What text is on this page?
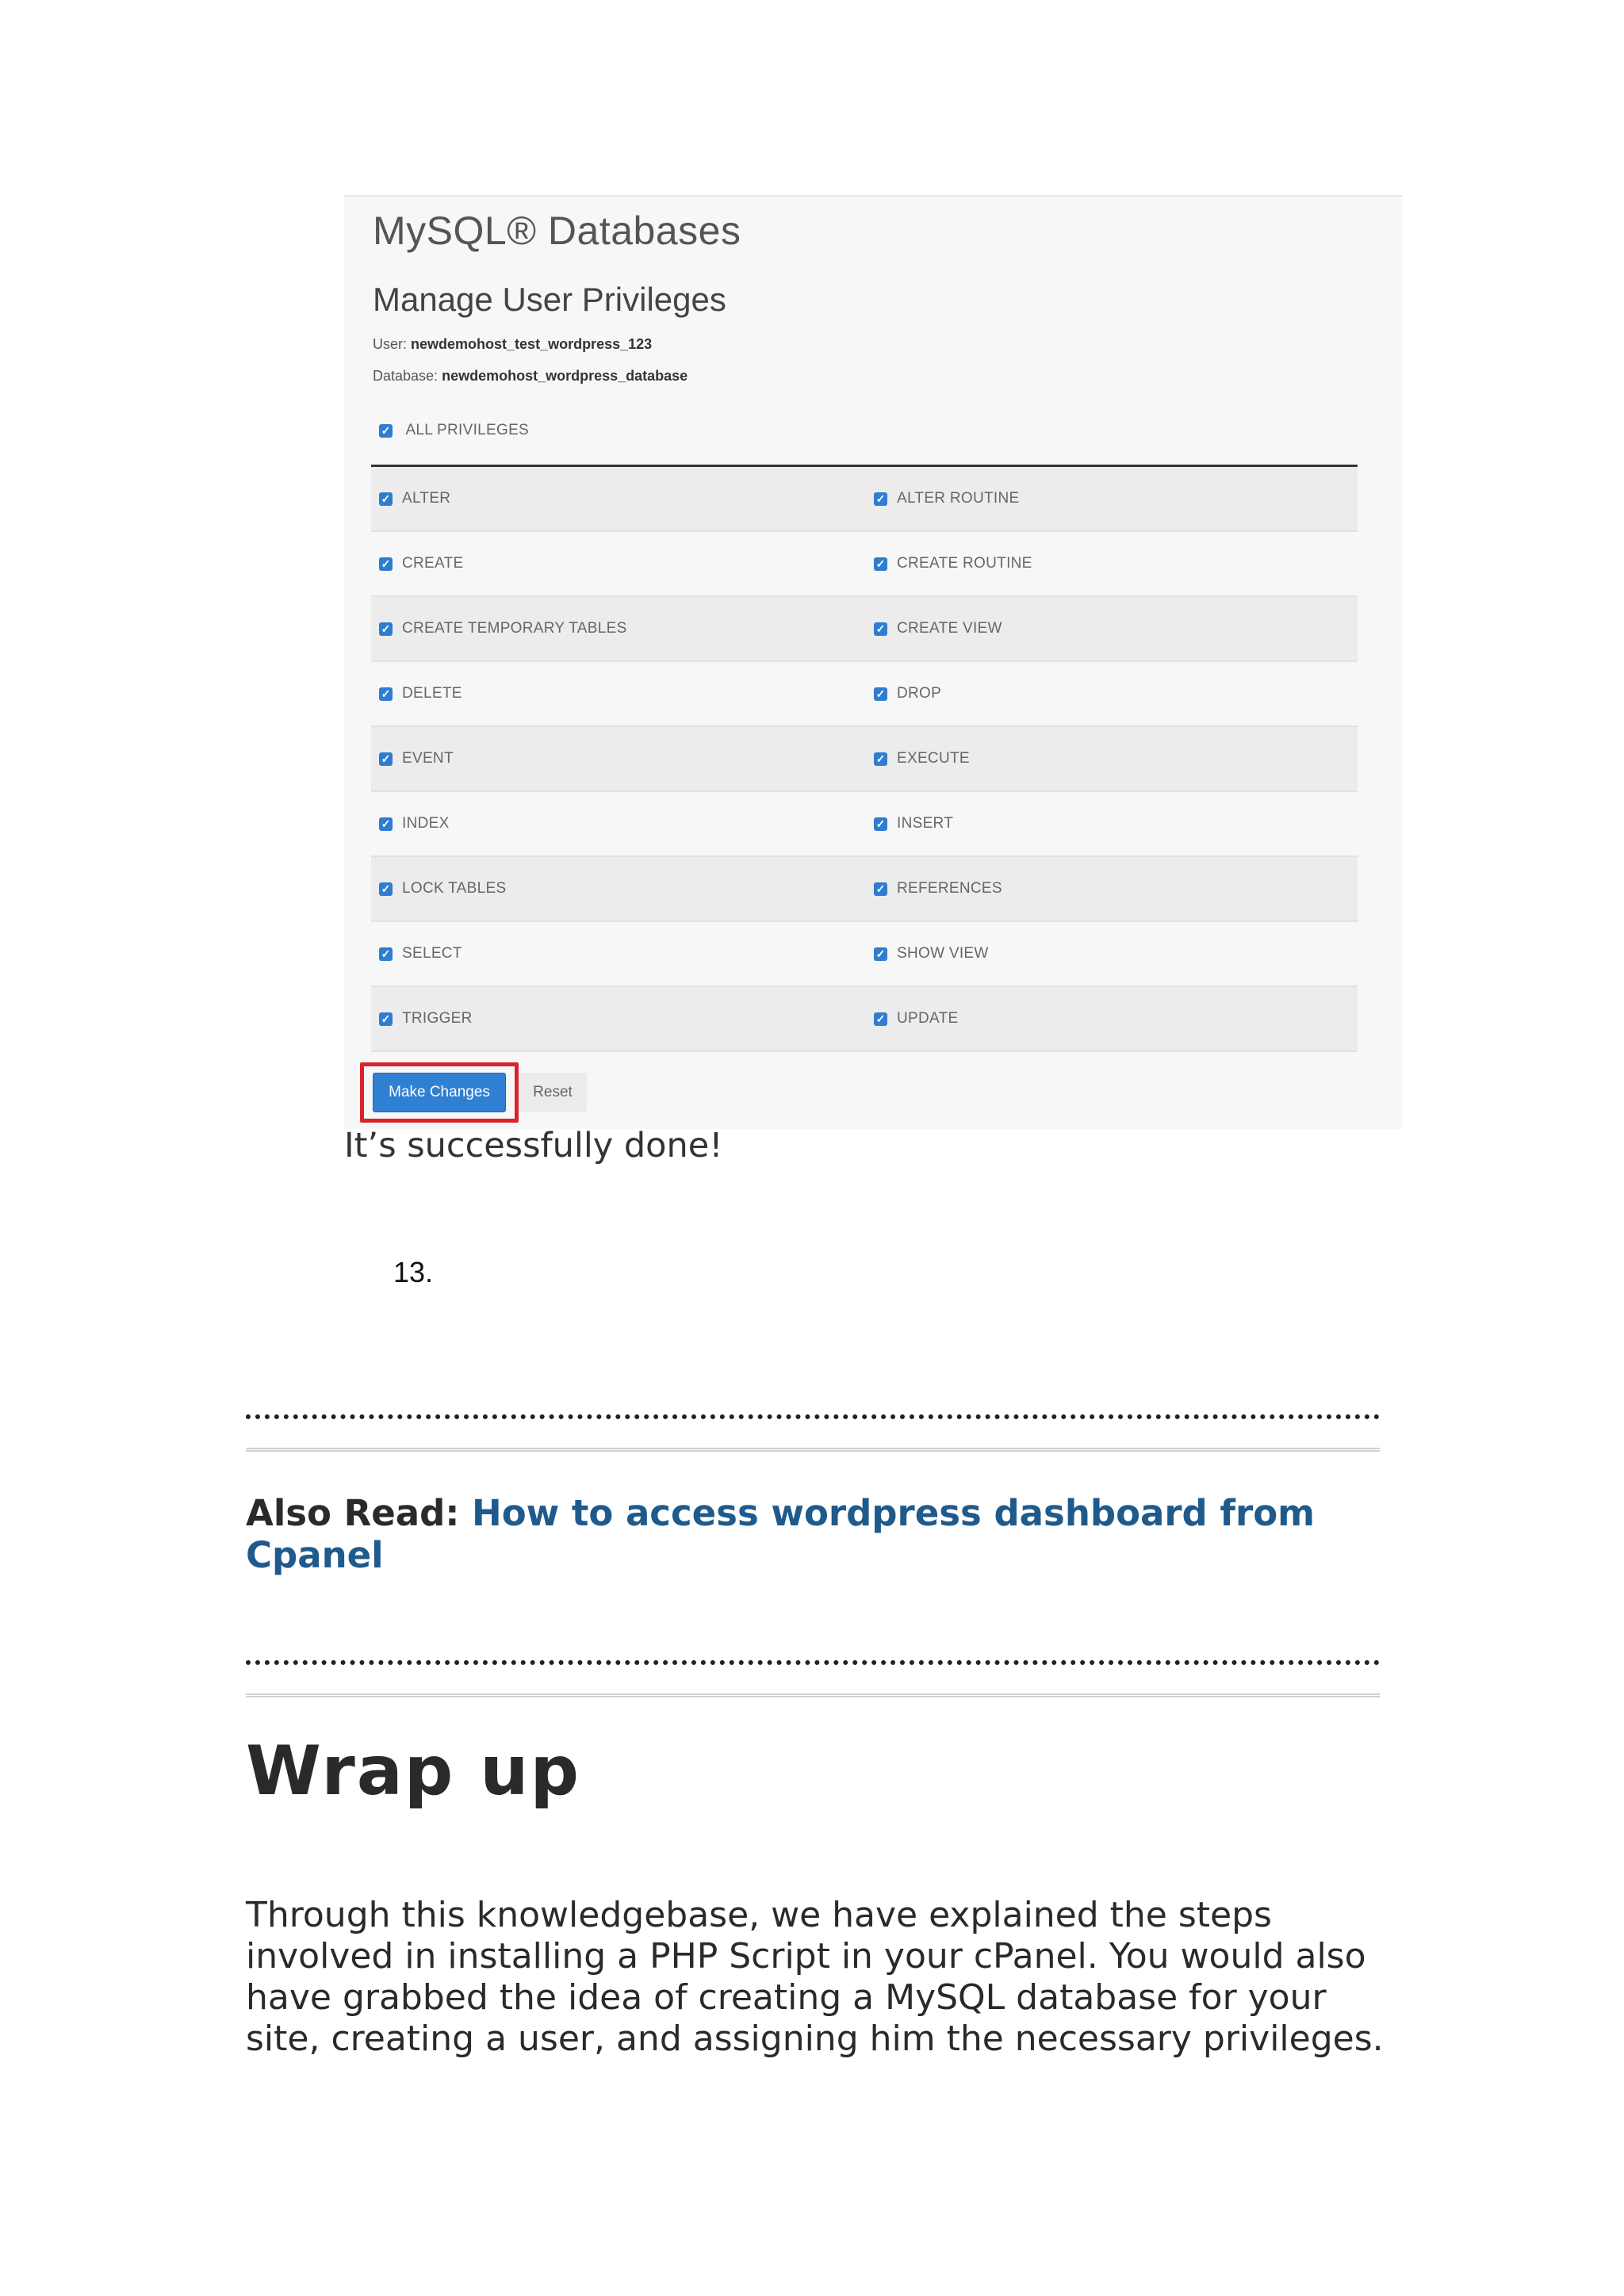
MySQL® Databases
Manage User Privileges
User: newdemohost_test_wordpress_123
Database: newdemohost_wordpress_database
✓ ALL PRIVILEGES
✓ ALTER	✓ ALTER ROUTINE
✓ CREATE	✓ CREATE ROUTINE
✓ CREATE TEMPORARY TABLES	✓ CREATE VIEW
✓ DELETE	✓ DROP
✓ EVENT	✓ EXECUTE
✓ INDEX	✓ INSERT
✓ LOCK TABLES	✓ REFERENCES
✓ SELECT	✓ SHOW VIEW
✓ TRIGGER	✓ UPDATE
Make Changes	Reset

It’s successfully done!

13.

Also Read: How to access wordpress dashboard from Cpanel

Wrap up

Through this knowledgebase, we have explained the steps involved in installing a PHP Script in your cPanel. You would also have grabbed the idea of creating a MySQL database for your site, creating a user, and assigning him the necessary privileges.
